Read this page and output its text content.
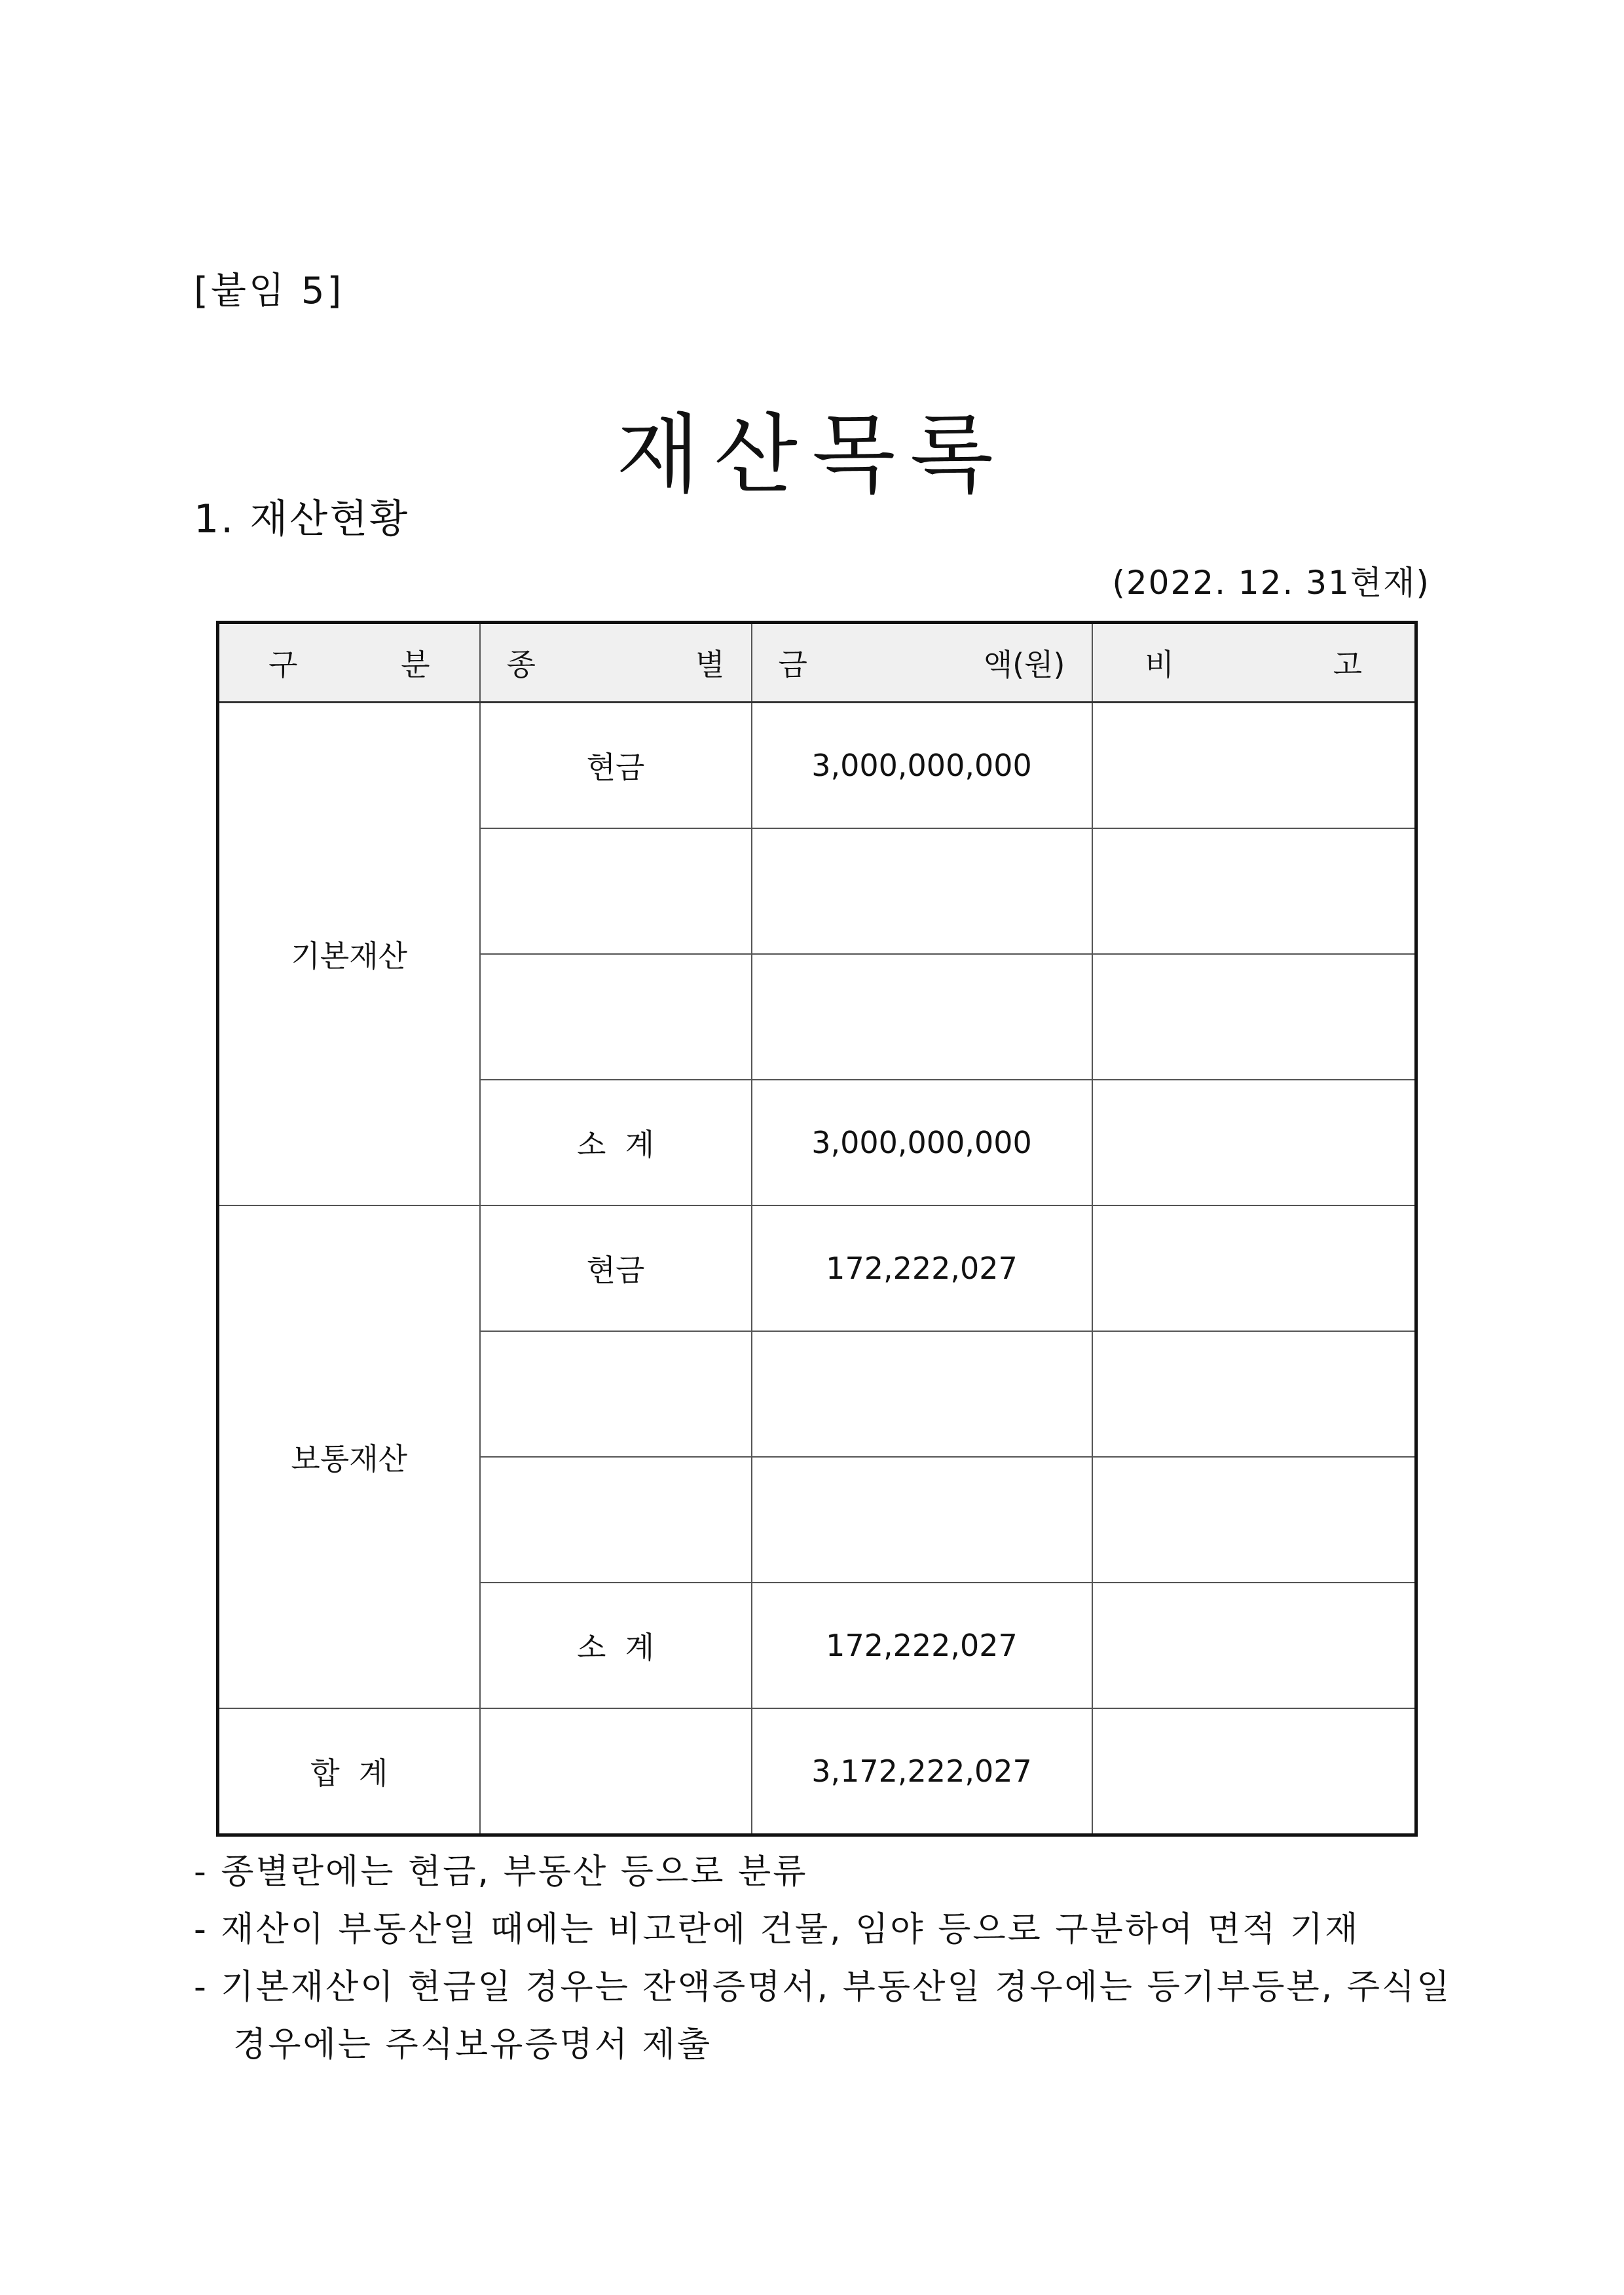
[붙임 5]
재산목록
1. 재산현황
(2022. 12. 31현재)
구 분	종 별	금 액(원)	비 고

기본재산	현금	3,000,000,000	

	소  계	3,000,000,000	
보통재산	현금	172,222,027	

	소  계	172,222,027	
합  계		3,172,222,027	
- 종별란에는 현금, 부동산 등으로 분류
- 재산이 부동산일 때에는 비고란에 건물, 임야 등으로 구분하여 면적 기재
- 기본재산이 현금일 경우는 잔액증명서, 부동산일 경우에는 등기부등본, 주식일
경우에는 주식보유증명서 제출
